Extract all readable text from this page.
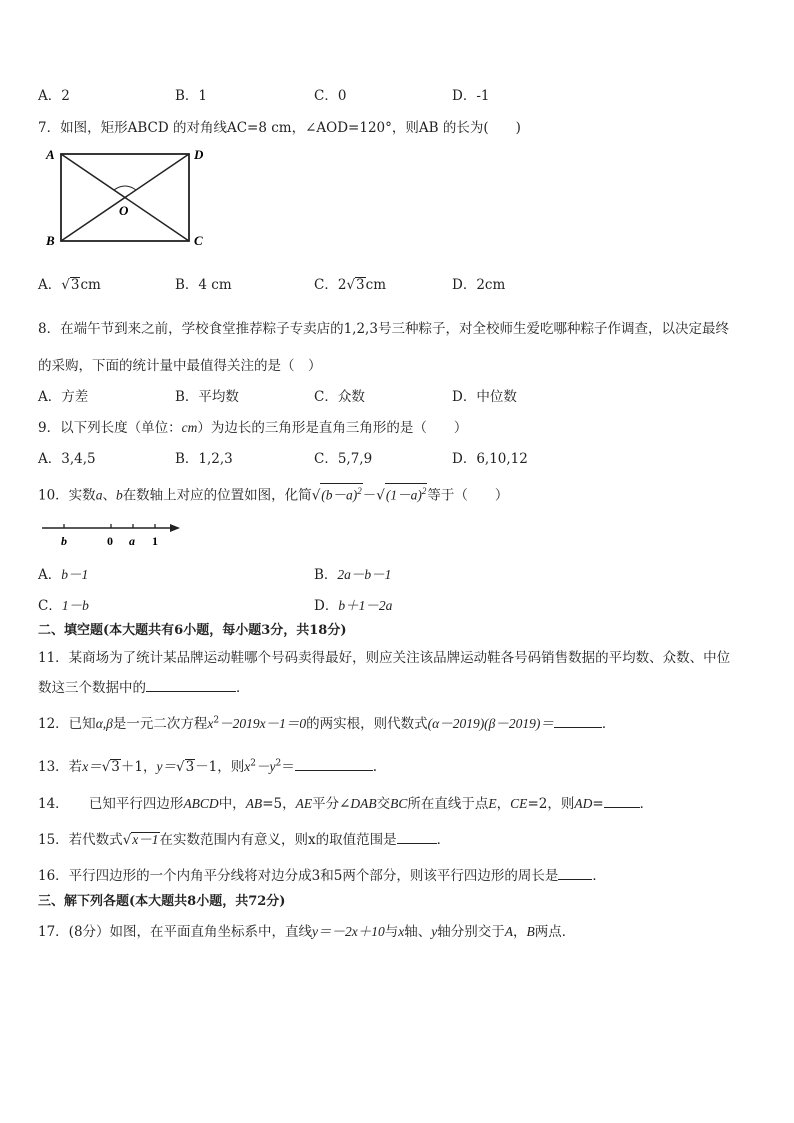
A．2	B．1	C．0	D．-1
7．如图，矩形ABCD 的对角线AC=8 cm，∠AOD=120°，则AB 的长为(　　)
A	D
B	C
O
A．√3cm	B．4 cm	C．2√3cm	D．2cm
8．在端午节到来之前，学校食堂推荐粽子专卖店的1,2,3号三种粽子，对全校师生爱吃哪种粽子作调查，以决定最终
的采购，下面的统计量中最值得关注的是（　）
A．方差	B．平均数	C．众数	D．中位数
9．以下列长度（单位：cm）为边长的三角形是直角三角形的是（　　）
A．3,4,5	B．1,2,3	C．5,7,9	D．6,10,12
10．实数a、b在数轴上对应的位置如图，化简$√(b-a)^2-√(1-a)^2$等于（　　）
b	0 a 1
A．b－1	B．2a－b－1
C．1－b	D．b＋1－2a
二、填空题(本大题共有6小题，每小题3分，共18分)
11．某商场为了统计某品牌运动鞋哪个号码卖得最好，则应关注该品牌运动鞋各号码销售数据的平均数、众数、中位
数这三个数据中的	．
12．已知α,β是一元二次方程$x^2-2019x-1=0$的两实根，则代数式(α－2019)(β－2019)＝	．
13．若x＝√3＋1，y＝√3－1，则$x^2-y^2=$	.
14．　　已知平行四边形ABCD中，AB=5，AE平分∠DAB交BC所在直线于点E，CE=2，则AD=	．
15．若代数式√x－1在实数范围内有意义，则x的取值范围是	．
16．平行四边形的一个内角平分线将对边分成3和5两个部分，则该平行四边形的周长是	．
三、解下列各题(本大题共8小题，共72分)
17．(8分）如图，在平面直角坐标系中，直线y＝－2x＋10与x轴、y轴分别交于A，B两点．
